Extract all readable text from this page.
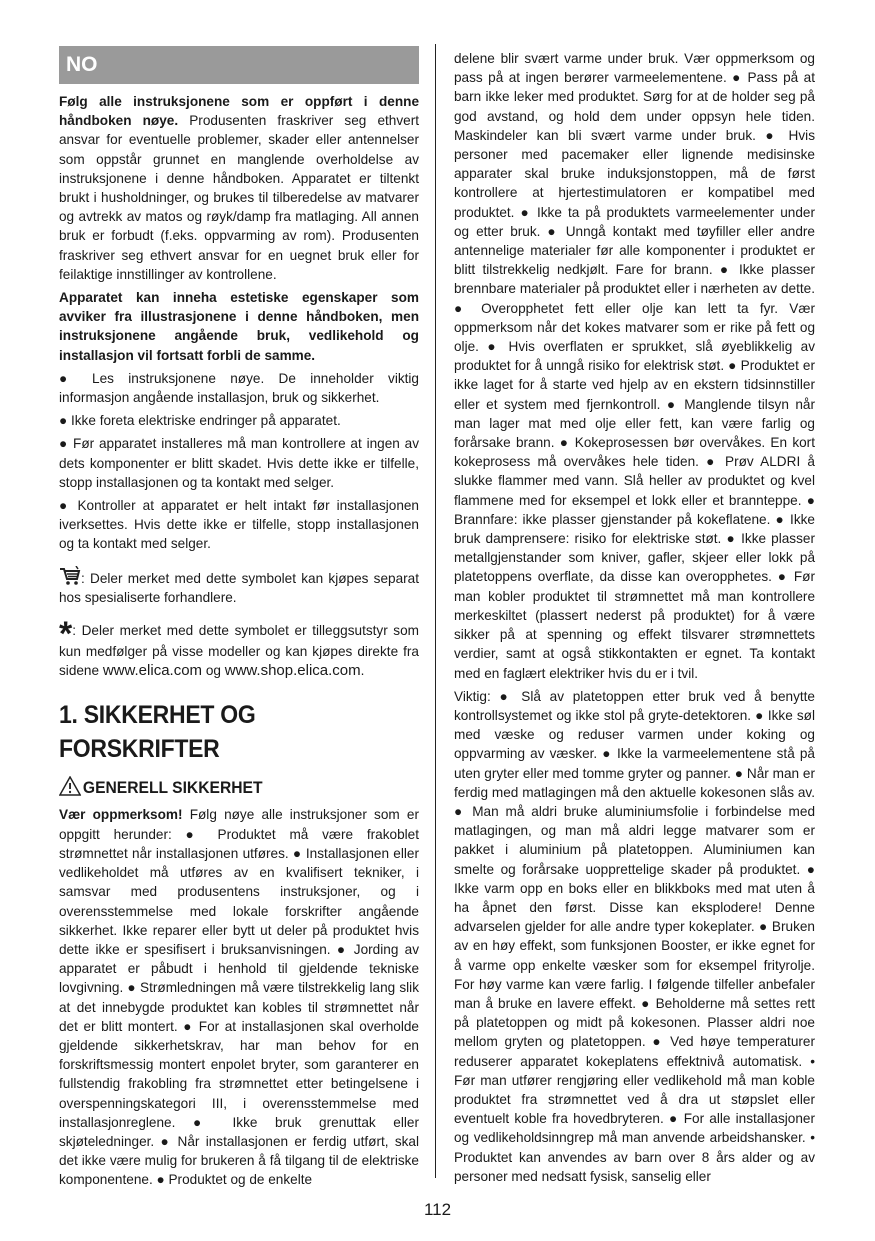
NO

Følg alle instruksjonene som er oppført i denne håndboken nøye. Produsenten fraskriver seg ethvert ansvar for eventuelle problemer, skader eller antennelser som oppstår grunnet en manglende overholdelse av instruksjonene i denne håndboken. Apparatet er tiltenkt brukt i husholdninger, og brukes til tilberedelse av matvarer og avtrekk av matos og røyk/damp fra matlaging. All annen bruk er forbudt (f.eks. oppvarming av rom). Produsenten fraskriver seg ethvert ansvar for en uegnet bruk eller for feilaktige innstillinger av kontrollene.

Apparatet kan inneha estetiske egenskaper som avviker fra illustrasjonene i denne håndboken, men instruksjonene angående bruk, vedlikehold og installasjon vil fortsatt forbli de samme.

● Les instruksjonene nøye. De inneholder viktig informasjon angående installasjon, bruk og sikkerhet.

● Ikke foreta elektriske endringer på apparatet.

● Før apparatet installeres må man kontrollere at ingen av dets komponenter er blitt skadet. Hvis dette ikke er tilfelle, stopp installasjonen og ta kontakt med selger.

● Kontroller at apparatet er helt intakt før installasjonen iverksettes. Hvis dette ikke er tilfelle, stopp installasjonen og ta kontakt med selger.

: Deler merket med dette symbolet kan kjøpes separat hos spesialiserte forhandlere.

*: Deler merket med dette symbolet er tilleggsutstyr som kun medfølger på visse modeller og kan kjøpes direkte fra sidene www.elica.com og www.shop.elica.com.

1. SIKKERHET OG
FORSKRIFTER
GENERELL SIKKERHET

Vær oppmerksom! Følg nøye alle instruksjoner som er oppgitt herunder: ● Produktet må være frakoblet strømnettet når installasjonen utføres. ● Installasjonen eller vedlikeholdet må utføres av en kvalifisert tekniker, i samsvar med produsentens instruksjoner, og i overensstemmelse med lokale forskrifter angående sikkerhet. Ikke reparer eller bytt ut deler på produktet hvis dette ikke er spesifisert i bruksanvisningen. ● Jording av apparatet er påbudt i henhold til gjeldende tekniske lovgivning. ● Strømledningen må være tilstrekkelig lang slik at det innebygde produktet kan kobles til strømnettet når det er blitt montert. ● For at installasjonen skal overholde gjeldende sikkerhetskrav, har man behov for en forskriftsmessig montert enpolet bryter, som garanterer en fullstendig frakobling fra strømnettet etter betingelsene i overspenningskategori III, i overensstemmelse med installasjonreglene. ● Ikke bruk grenuttak eller skjøteledninger. ● Når installasjonen er ferdig utført, skal det ikke være mulig for brukeren å få tilgang til de elektriske komponentene. ● Produktet og de enkelte

delene blir svært varme under bruk. Vær oppmerksom og pass på at ingen berører varmeelementene. ● Pass på at barn ikke leker med produktet. Sørg for at de holder seg på god avstand, og hold dem under oppsyn hele tiden. Maskindeler kan bli svært varme under bruk. ● Hvis personer med pacemaker eller lignende medisinske apparater skal bruke induksjonstoppen, må de først kontrollere at hjertestimulatoren er kompatibel med produktet. ● Ikke ta på produktets varmeelementer under og etter bruk. ● Unngå kontakt med tøyfiller eller andre antennelige materialer før alle komponenter i produktet er blitt tilstrekkelig nedkjølt. Fare for brann. ● Ikke plasser brennbare materialer på produktet eller i nærheten av dette. ● Overopphetet fett eller olje kan lett ta fyr. Vær oppmerksom når det kokes matvarer som er rike på fett og olje. ● Hvis overflaten er sprukket, slå øyeblikkelig av produktet for å unngå risiko for elektrisk støt. ● Produktet er ikke laget for å starte ved hjelp av en ekstern tidsinnstiller eller et system med fjernkontroll. ● Manglende tilsyn når man lager mat med olje eller fett, kan være farlig og forårsake brann. ● Kokeprosessen bør overvåkes. En kort kokeprosess må overvåkes hele tiden. ● Prøv ALDRI å slukke flammer med vann. Slå heller av produktet og kvel flammene med for eksempel et lokk eller et brannteppe. ● Brannfare: ikke plasser gjenstander på kokeflatene. ● Ikke bruk damprensere: risiko for elektriske støt. ● Ikke plasser metallgjenstander som kniver, gafler, skjeer eller lokk på platetoppens overflate, da disse kan overopphetes. ● Før man kobler produktet til strømnettet må man kontrollere merkeskiltet (plassert nederst på produktet) for å være sikker på at spenning og effekt tilsvarer strømnettets verdier, samt at også stikkontakten er egnet. Ta kontakt med en faglært elektriker hvis du er i tvil.

Viktig: ● Slå av platetoppen etter bruk ved å benytte kontrollsystemet og ikke stol på gryte-detektoren. ● Ikke søl med væske og reduser varmen under koking og oppvarming av væsker. ● Ikke la varmeelementene stå på uten gryter eller med tomme gryter og panner. ● Når man er ferdig med matlagingen må den aktuelle kokesonen slås av. ● Man må aldri bruke aluminiumsfolie i forbindelse med matlagingen, og man må aldri legge matvarer som er pakket i aluminium på platetoppen. Aluminiumen kan smelte og forårsake uopprettelige skader på produktet. ● Ikke varm opp en boks eller en blikkboks med mat uten å ha åpnet den først. Disse kan eksplodere! Denne advarselen gjelder for alle andre typer kokeplater. ● Bruken av en høy effekt, som funksjonen Booster, er ikke egnet for å varme opp enkelte væsker som for eksempel frityrolje. For høy varme kan være farlig. I følgende tilfeller anbefaler man å bruke en lavere effekt. ● Beholderne må settes rett på platetoppen og midt på kokesonen. Plasser aldri noe mellom gryten og platetoppen. ● Ved høye temperaturer reduserer apparatet kokeplatens effektnivå automatisk. • Før man utfører rengjøring eller vedlikehold må man koble produktet fra strømnettet ved å dra ut støpslet eller eventuelt koble fra hovedbryteren. ● For alle installasjoner og vedlikeholdsinngrep må man anvende arbeidshansker. • Produktet kan anvendes av barn over 8 års alder og av personer med nedsatt fysisk, sanselig eller

112
